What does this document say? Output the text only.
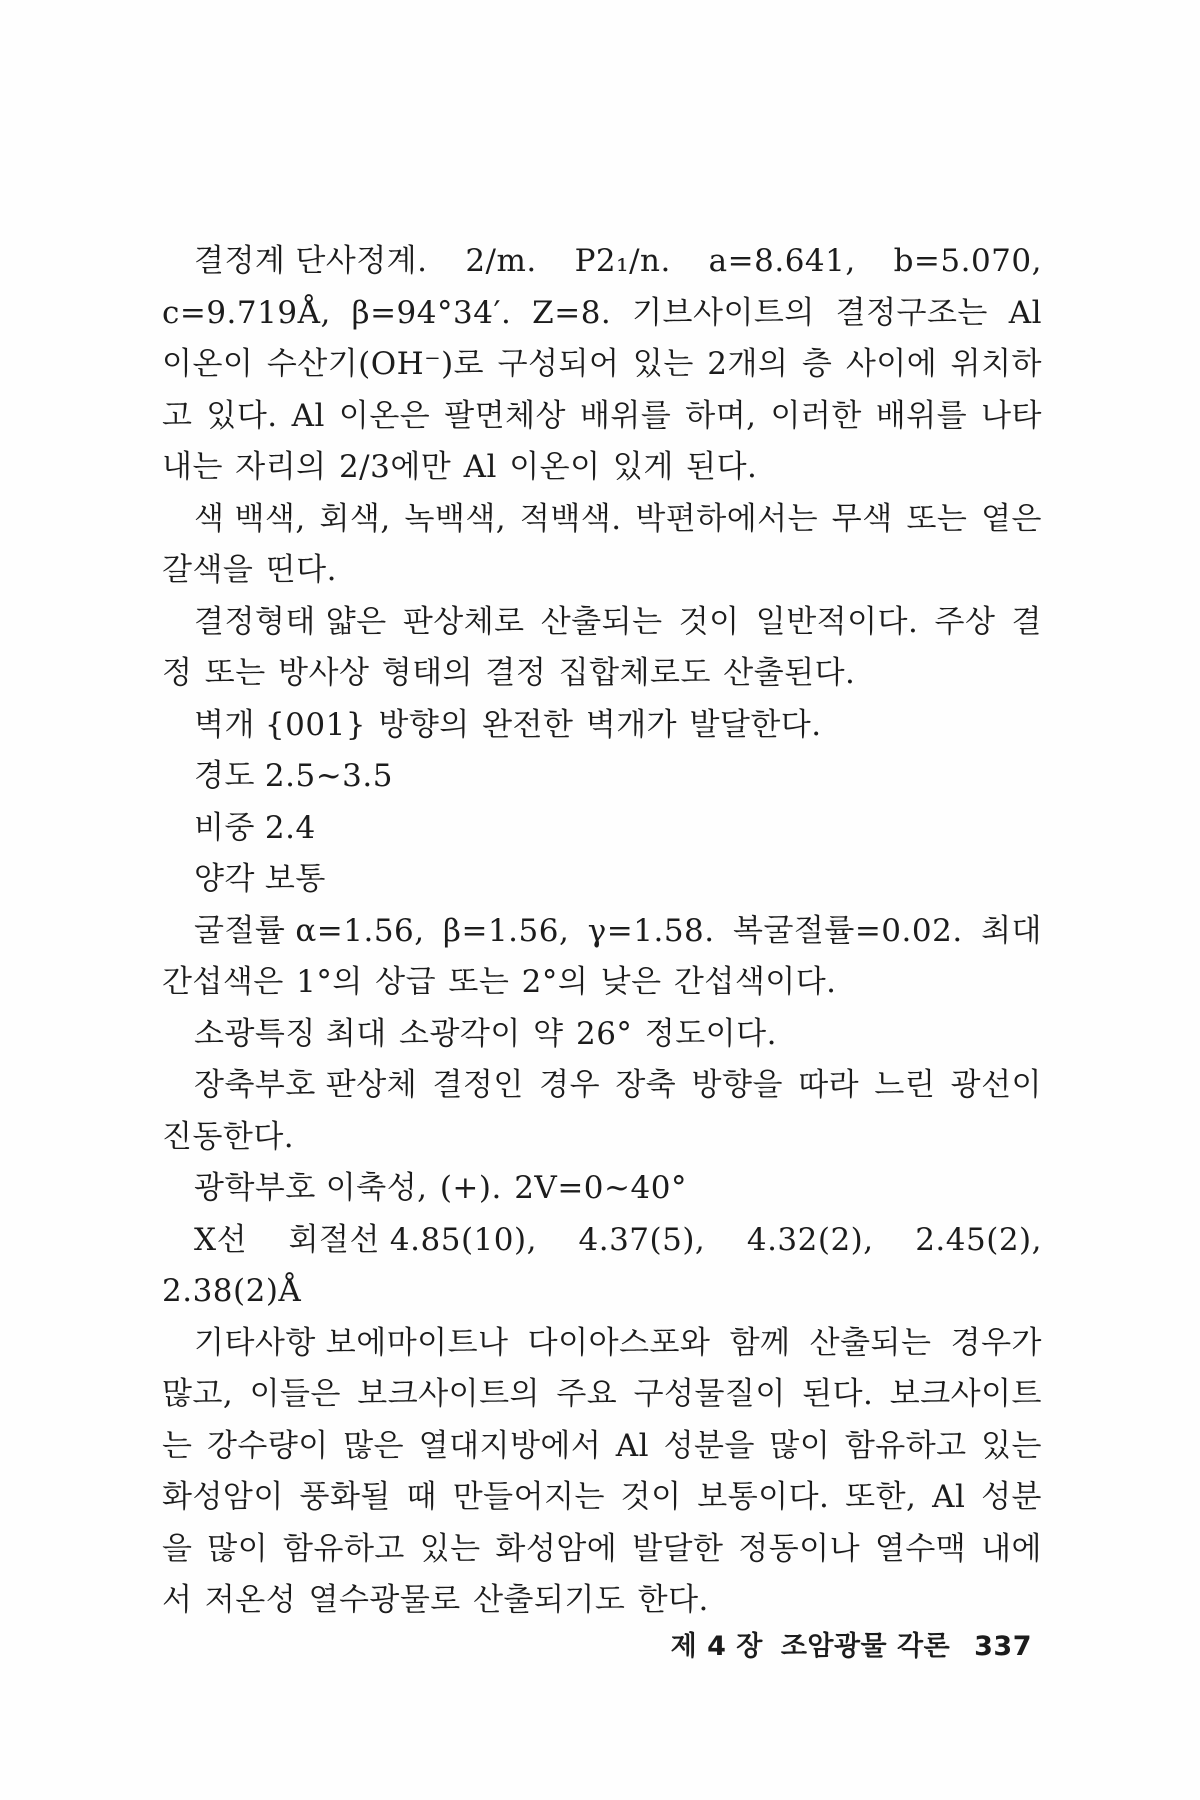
결정계 단사정계. 2/m. P2₁/n. a=8.641, b=5.070, c=9.719Å, β=94°34′. Z=8. 기브사이트의 결정구조는 Al 이온이 수산기(OH⁻)로 구성되어 있는 2개의 층 사이에 위치하고 있다. Al 이온은 팔면체상 배위를 하며, 이러한 배위를 나타내는 자리의 2/3에만 Al 이온이 있게 된다.

색 백색, 회색, 녹백색, 적백색. 박편하에서는 무색 또는 옅은 갈색을 띤다.

결정형태 얇은 판상체로 산출되는 것이 일반적이다. 주상 결정 또는 방사상 형태의 결정 집합체로도 산출된다.

벽개 {001} 방향의 완전한 벽개가 발달한다.

경도 2.5~3.5

비중 2.4

양각 보통

굴절률 α=1.56, β=1.56, γ=1.58. 복굴절률=0.02. 최대 간섭색은 1°의 상급 또는 2°의 낮은 간섭색이다.

소광특징 최대 소광각이 약 26° 정도이다.

장축부호 판상체 결정인 경우 장축 방향을 따라 느린 광선이 진동한다.

광학부호 이축성, (+). 2V=0~40°

X선 회절선 4.85(10), 4.37(5), 4.32(2), 2.45(2), 2.38(2)Å

기타사항 보에마이트나 다이아스포와 함께 산출되는 경우가 많고, 이들은 보크사이트의 주요 구성물질이 된다. 보크사이트는 강수량이 많은 열대지방에서 Al 성분을 많이 함유하고 있는 화성암이 풍화될 때 만들어지는 것이 보통이다. 또한, Al 성분을 많이 함유하고 있는 화성암에 발달한 정동이나 열수맥 내에서 저온성 열수광물로 산출되기도 한다.

제 4 장 조암광물 각론 337
